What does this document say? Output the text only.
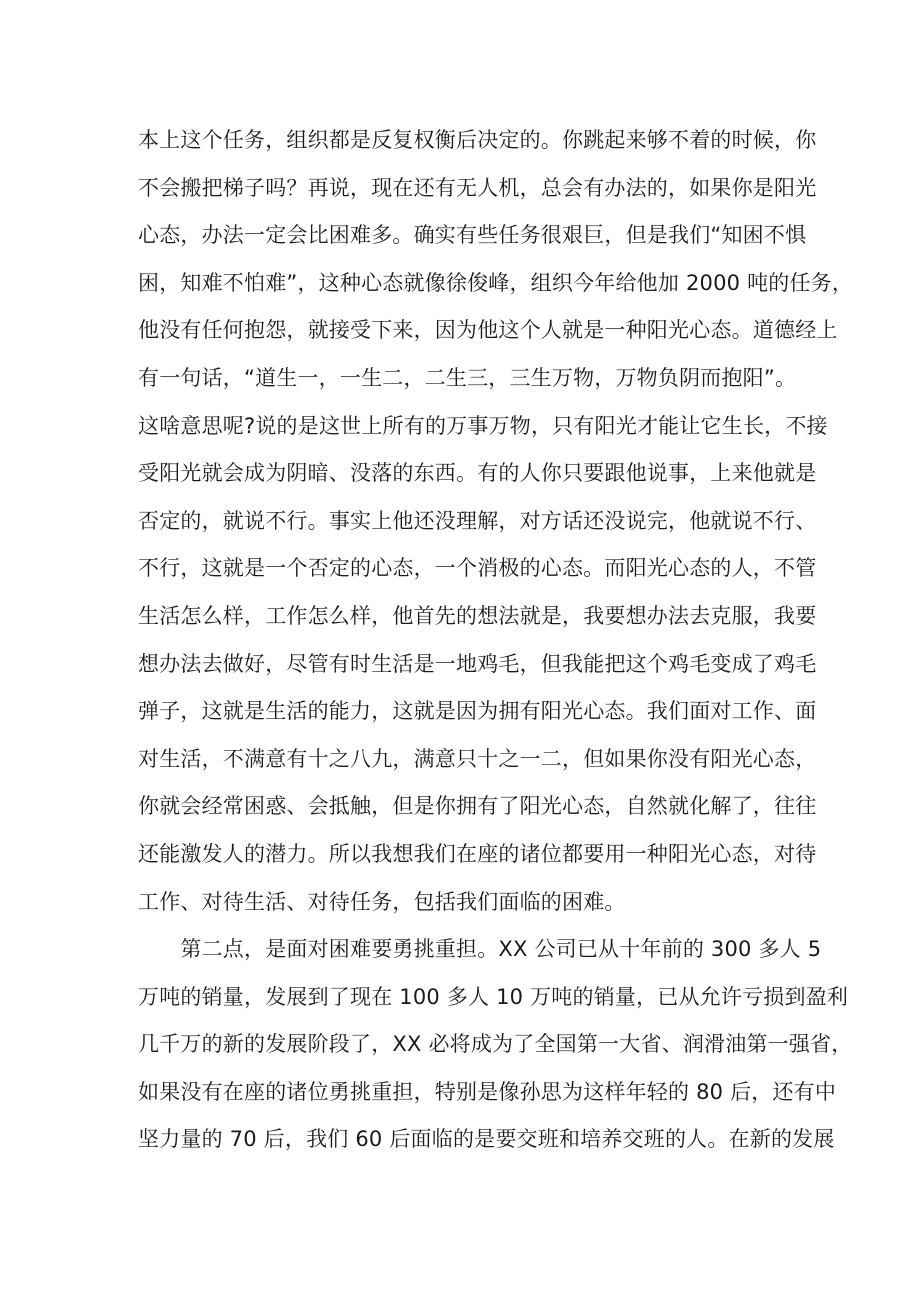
本上这个任务，组织都是反复权衡后决定的。你跳起来够不着的时候，你
不会搬把梯子吗？再说，现在还有无人机，总会有办法的，如果你是阳光
心态，办法一定会比困难多。确实有些任务很艰巨，但是我们“知困不惧
困，知难不怕难”，这种心态就像徐俊峰，组织今年给他加 2000 吨的任务，
他没有任何抱怨，就接受下来，因为他这个人就是一种阳光心态。道德经上
有一句话，“道生一，一生二，二生三，三生万物，万物负阴而抱阳”。
这啥意思呢?说的是这世上所有的万事万物，只有阳光才能让它生长，不接
受阳光就会成为阴暗、没落的东西。有的人你只要跟他说事，上来他就是
否定的，就说不行。事实上他还没理解，对方话还没说完，他就说不行、
不行，这就是一个否定的心态，一个消极的心态。而阳光心态的人，不管
生活怎么样，工作怎么样，他首先的想法就是，我要想办法去克服，我要
想办法去做好，尽管有时生活是一地鸡毛，但我能把这个鸡毛变成了鸡毛
弹子，这就是生活的能力，这就是因为拥有阳光心态。我们面对工作、面
对生活，不满意有十之八九，满意只十之一二，但如果你没有阳光心态，
你就会经常困惑、会抵触，但是你拥有了阳光心态，自然就化解了，往往
还能激发人的潜力。所以我想我们在座的诸位都要用一种阳光心态，对待
工作、对待生活、对待任务，包括我们面临的困难。
　　第二点，是面对困难要勇挑重担。XX 公司已从十年前的 300 多人 5
万吨的销量，发展到了现在 100 多人 10 万吨的销量，已从允许亏损到盈利
几千万的新的发展阶段了，XX 必将成为了全国第一大省、润滑油第一强省，
如果没有在座的诸位勇挑重担，特别是像孙思为这样年轻的 80 后，还有中
坚力量的 70 后，我们 60 后面临的是要交班和培养交班的人。在新的发展
